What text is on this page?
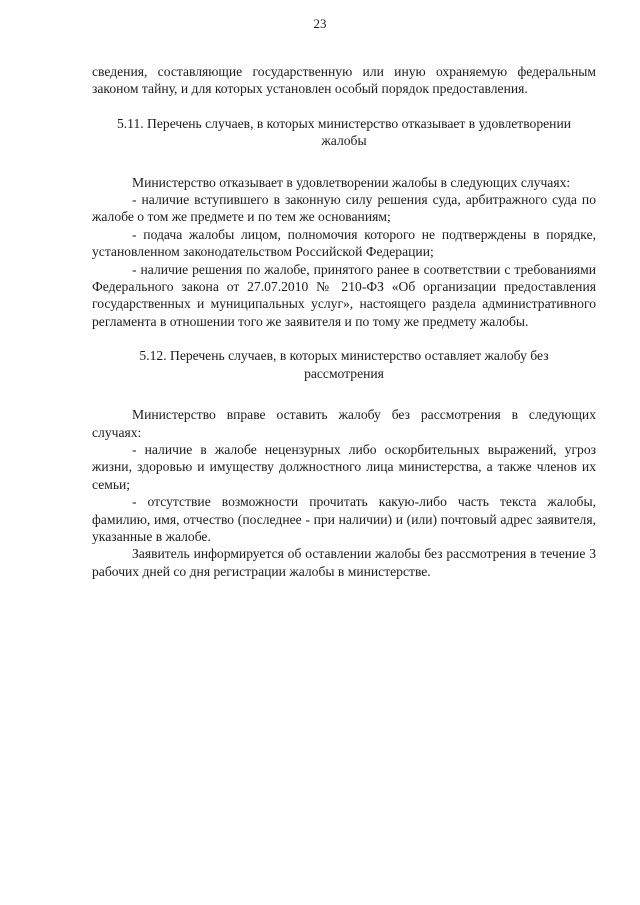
23

сведения, составляющие государственную или иную охраняемую федеральным законом тайну, и для которых установлен особый порядок предоставления.

5.11. Перечень случаев, в которых министерство отказывает в удовлетворении жалобы

Министерство отказывает в удовлетворении жалобы в следующих случаях:

- наличие вступившего в законную силу решения суда, арбитражного суда по жалобе о том же предмете и по тем же основаниям;

- подача жалобы лицом, полномочия которого не подтверждены в порядке, установленном законодательством Российской Федерации;

- наличие решения по жалобе, принятого ранее в соответствии с требованиями Федерального закона от 27.07.2010 № 210-ФЗ «Об организации предоставления государственных и муниципальных услуг», настоящего раздела административного регламента в отношении того же заявителя и по тому же предмету жалобы.

5.12. Перечень случаев, в которых министерство оставляет жалобу без рассмотрения

Министерство вправе оставить жалобу без рассмотрения в следующих случаях:

- наличие в жалобе нецензурных либо оскорбительных выражений, угроз жизни, здоровью и имуществу должностного лица министерства, а также членов их семьи;

- отсутствие возможности прочитать какую-либо часть текста жалобы, фамилию, имя, отчество (последнее - при наличии) и (или) почтовый адрес заявителя, указанные в жалобе.

Заявитель информируется об оставлении жалобы без рассмотрения в течение 3 рабочих дней со дня регистрации жалобы в министерстве.
